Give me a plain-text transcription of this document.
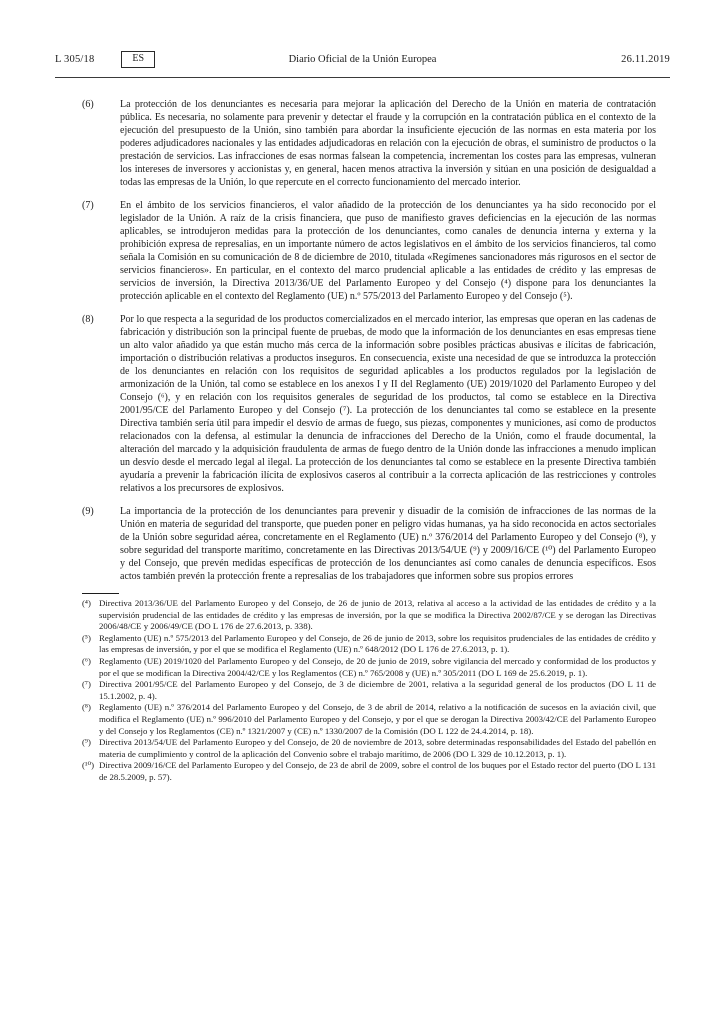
L 305/18	ES	Diario Oficial de la Unión Europea	26.11.2019
(6)	La protección de los denunciantes es necesaria para mejorar la aplicación del Derecho de la Unión en materia de contratación pública. Es necesaria, no solamente para prevenir y detectar el fraude y la corrupción en la contratación pública en el contexto de la ejecución del presupuesto de la Unión, sino también para abordar la insuficiente ejecución de las normas en esta materia por los poderes adjudicadores nacionales y las entidades adjudicadoras en relación con la ejecución de obras, el suministro de productos o la prestación de servicios. Las infracciones de esas normas falsean la competencia, incrementan los costes para las empresas, vulneran los intereses de inversores y accionistas y, en general, hacen menos atractiva la inversión y sitúan en una posición de desigualdad a todas las empresas de la Unión, lo que repercute en el correcto funcionamiento del mercado interior.
(7)	En el ámbito de los servicios financieros, el valor añadido de la protección de los denunciantes ya ha sido reconocido por el legislador de la Unión. A raíz de la crisis financiera, que puso de manifiesto graves deficiencias en la ejecución de las normas aplicables, se introdujeron medidas para la protección de los denunciantes, como canales de denuncia interna y externa y la prohibición expresa de represalias, en un importante número de actos legislativos en el ámbito de los servicios financieros, tal como señala la Comisión en su comunicación de 8 de diciembre de 2010, titulada «Regímenes sancionadores más rigurosos en el sector de servicios financieros». En particular, en el contexto del marco prudencial aplicable a las entidades de crédito y las empresas de servicios de inversión, la Directiva 2013/36/UE del Parlamento Europeo y del Consejo (⁴) dispone para los denunciantes la protección aplicable en el contexto del Reglamento (UE) n.º 575/2013 del Parlamento Europeo y del Consejo (⁵).
(8)	Por lo que respecta a la seguridad de los productos comercializados en el mercado interior, las empresas que operan en las cadenas de fabricación y distribución son la principal fuente de pruebas, de modo que la información de los denunciantes en esas empresas tiene un alto valor añadido ya que están mucho más cerca de la información sobre posibles prácticas abusivas e ilícitas de fabricación, importación o distribución relativas a productos inseguros. En consecuencia, existe una necesidad de que se introduzca la protección de los denunciantes en relación con los requisitos de seguridad aplicables a los productos regulados por la legislación de armonización de la Unión, tal como se establece en los anexos I y II del Reglamento (UE) 2019/1020 del Parlamento Europeo y del Consejo (⁶), y en relación con los requisitos generales de seguridad de los productos, tal como se establece en la Directiva 2001/95/CE del Parlamento Europeo y del Consejo (⁷). La protección de los denunciantes tal como se establece en la presente Directiva también sería útil para impedir el desvío de armas de fuego, sus piezas, componentes y municiones, así como de productos relacionados con la defensa, al estimular la denuncia de infracciones del Derecho de la Unión, como el fraude documental, la alteración del marcado y la adquisición fraudulenta de armas de fuego dentro de la Unión donde las infracciones a menudo implican un desvío desde el mercado legal al ilegal. La protección de los denunciantes tal como se establece en la presente Directiva también ayudaría a prevenir la fabricación ilícita de explosivos caseros al contribuir a la correcta aplicación de las restricciones y controles relativos a los precursores de explosivos.
(9)	La importancia de la protección de los denunciantes para prevenir y disuadir de la comisión de infracciones de las normas de la Unión en materia de seguridad del transporte, que pueden poner en peligro vidas humanas, ya ha sido reconocida en actos sectoriales de la Unión sobre seguridad aérea, concretamente en el Reglamento (UE) n.º 376/2014 del Parlamento Europeo y del Consejo (⁸), y sobre seguridad del transporte marítimo, concretamente en las Directivas 2013/54/UE (⁹) y 2009/16/CE (¹⁰) del Parlamento Europeo y del Consejo, que prevén medidas específicas de protección de los denunciantes así como canales de denuncia específicos. Esos actos también prevén la protección frente a represalias de los trabajadores que informen sobre sus propios errores
(⁴) Directiva 2013/36/UE del Parlamento Europeo y del Consejo, de 26 de junio de 2013, relativa al acceso a la actividad de las entidades de crédito y a la supervisión prudencial de las entidades de crédito y las empresas de inversión, por la que se modifica la Directiva 2002/87/CE y se derogan las Directivas 2006/48/CE y 2006/49/CE (DO L 176 de 27.6.2013, p. 338).
(⁵) Reglamento (UE) n.º 575/2013 del Parlamento Europeo y del Consejo, de 26 de junio de 2013, sobre los requisitos prudenciales de las entidades de crédito y las empresas de inversión, y por el que se modifica el Reglamento (UE) n.º 648/2012 (DO L 176 de 27.6.2013, p. 1).
(⁶) Reglamento (UE) 2019/1020 del Parlamento Europeo y del Consejo, de 20 de junio de 2019, sobre vigilancia del mercado y conformidad de los productos y por el que se modifican la Directiva 2004/42/CE y los Reglamentos (CE) n.º 765/2008 y (UE) n.º 305/2011 (DO L 169 de 25.6.2019, p. 1).
(⁷) Directiva 2001/95/CE del Parlamento Europeo y del Consejo, de 3 de diciembre de 2001, relativa a la seguridad general de los productos (DO L 11 de 15.1.2002, p. 4).
(⁸) Reglamento (UE) n.º 376/2014 del Parlamento Europeo y del Consejo, de 3 de abril de 2014, relativo a la notificación de sucesos en la aviación civil, que modifica el Reglamento (UE) n.º 996/2010 del Parlamento Europeo y del Consejo, y por el que se derogan la Directiva 2003/42/CE del Parlamento Europeo y del Consejo y los Reglamentos (CE) n.º 1321/2007 y (CE) n.º 1330/2007 de la Comisión (DO L 122 de 24.4.2014, p. 18).
(⁹) Directiva 2013/54/UE del Parlamento Europeo y del Consejo, de 20 de noviembre de 2013, sobre determinadas responsabilidades del Estado del pabellón en materia de cumplimiento y control de la aplicación del Convenio sobre el trabajo marítimo, de 2006 (DO L 329 de 10.12.2013, p. 1).
(¹⁰) Directiva 2009/16/CE del Parlamento Europeo y del Consejo, de 23 de abril de 2009, sobre el control de los buques por el Estado rector del puerto (DO L 131 de 28.5.2009, p. 57).
